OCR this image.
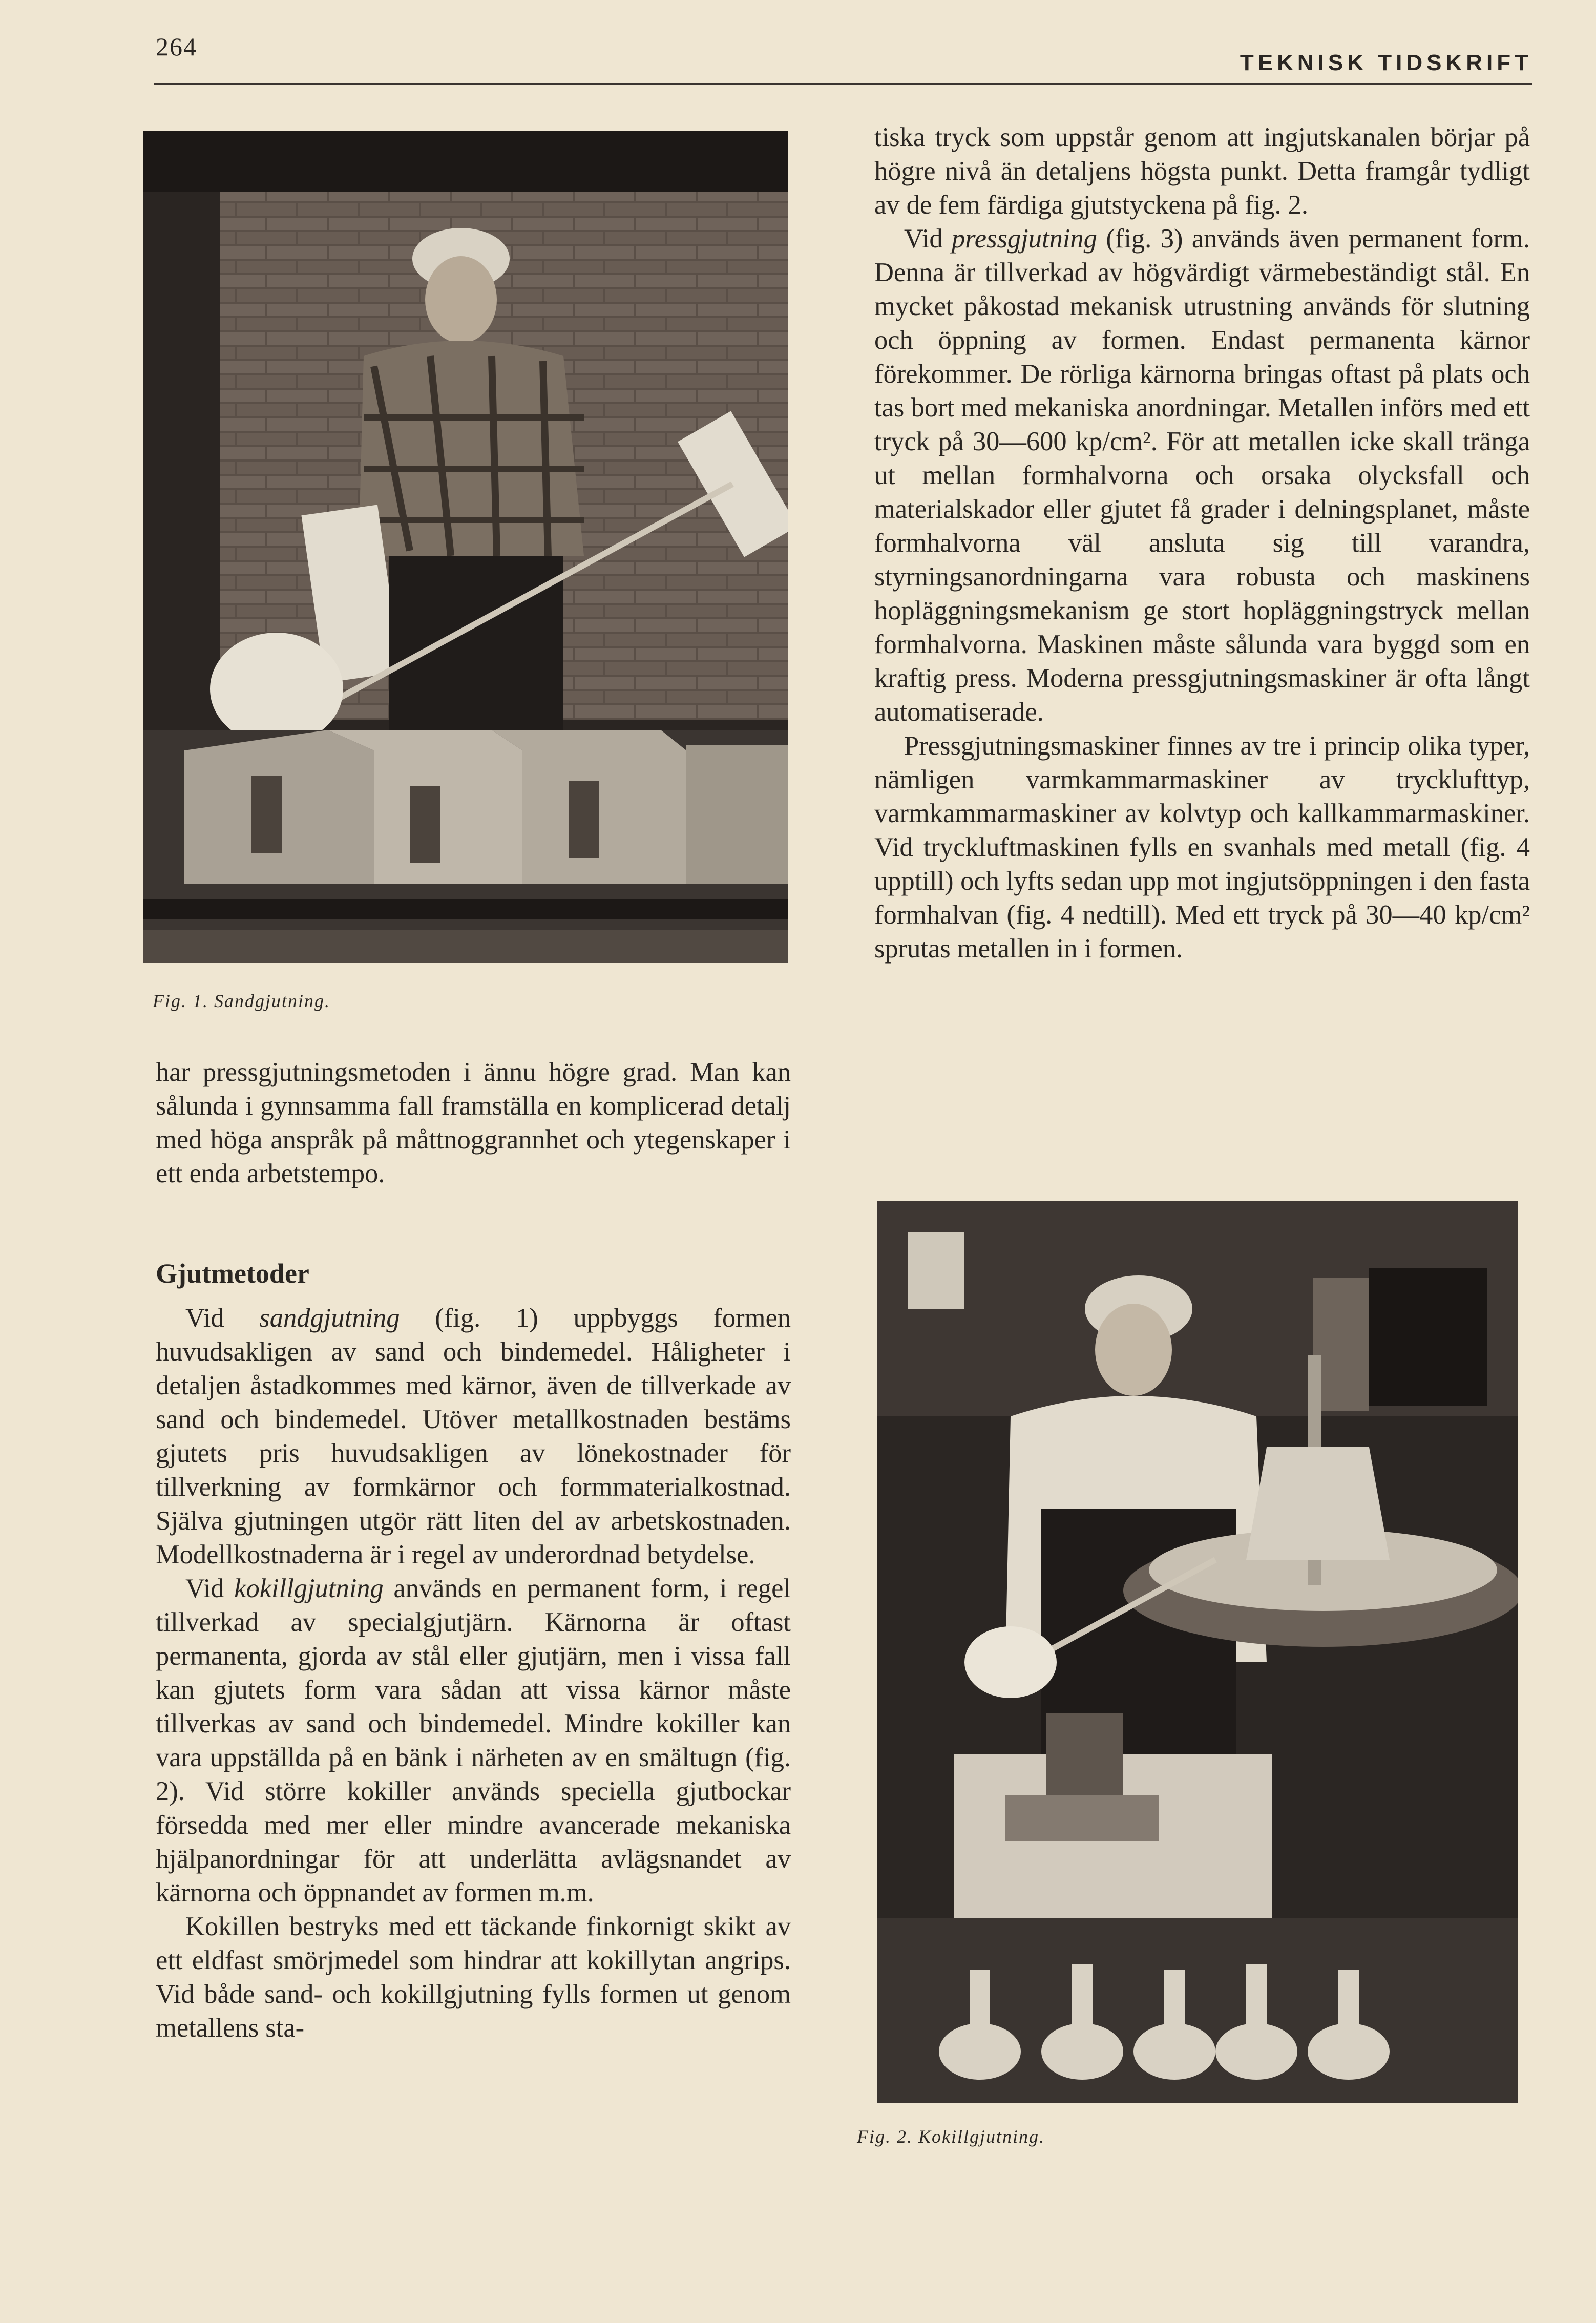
264
TEKNISK TIDSKRIFT
Fig. 1. Sandgjutning.

tiska tryck som uppstår genom att ingjutskanalen börjar på högre nivå än detaljens högsta punkt. Detta framgår tydligt av de fem färdiga gjutstyckena på fig. 2.

Vid pressgjutning (fig. 3) används även permanent form. Denna är tillverkad av högvärdigt värmebeständigt stål. En mycket påkostad mekanisk utrustning används för slutning och öppning av formen. Endast permanenta kärnor förekommer. De rörliga kärnorna bringas oftast på plats och tas bort med mekaniska anordningar. Metallen införs med ett tryck på 30—600 kp/cm². För att metallen icke skall tränga ut mellan formhalvorna och orsaka olycksfall och materialskador eller gjutet få grader i delningsplanet, måste formhalvorna väl ansluta sig till varandra, styrningsanordningarna vara robusta och maskinens hopläggningsmekanism ge stort hopläggningstryck mellan formhalvorna. Maskinen måste sålunda vara byggd som en kraftig press. Moderna pressgjutningsmaskiner är ofta långt automatiserade.

Pressgjutningsmaskiner finnes av tre i princip olika typer, nämligen varmkammarmaskiner av trycklufttyp, varmkammarmaskiner av kolvtyp och kallkammarmaskiner. Vid tryckluftmaskinen fylls en svanhals med metall (fig. 4 upptill) och lyfts sedan upp mot ingjutsöppningen i den fasta formhalvan (fig. 4 nedtill). Med ett tryck på 30—40 kp/cm² sprutas metallen in i formen.

har pressgjutningsmetoden i ännu högre grad. Man kan sålunda i gynnsamma fall framställa en komplicerad detalj med höga anspråk på måttnoggrannhet och ytegenskaper i ett enda arbetstempo.

Gjutmetoder

Vid sandgjutning (fig. 1) uppbyggs formen huvudsakligen av sand och bindemedel. Håligheter i detaljen åstadkommes med kärnor, även de tillverkade av sand och bindemedel. Utöver metallkostnaden bestäms gjutets pris huvudsakligen av lönekostnader för tillverkning av formkärnor och formmaterialkostnad. Själva gjutningen utgör rätt liten del av arbetskostnaden. Modellkostnaderna är i regel av underordnad betydelse.

Vid kokillgjutning används en permanent form, i regel tillverkad av specialgjutjärn. Kärnorna är oftast permanenta, gjorda av stål eller gjutjärn, men i vissa fall kan gjutets form vara sådan att vissa kärnor måste tillverkas av sand och bindemedel. Mindre kokiller kan vara uppställda på en bänk i närheten av en smältugn (fig. 2). Vid större kokiller används speciella gjutbockar försedda med mer eller mindre avancerade mekaniska hjälpanordningar för att underlätta avlägsnandet av kärnorna och öppnandet av formen m.m.

Kokillen bestryks med ett täckande finkornigt skikt av ett eldfast smörjmedel som hindrar att kokillytan angrips. Vid både sand- och kokillgjutning fylls formen ut genom metallens sta-

Fig. 2. Kokillgjutning.
